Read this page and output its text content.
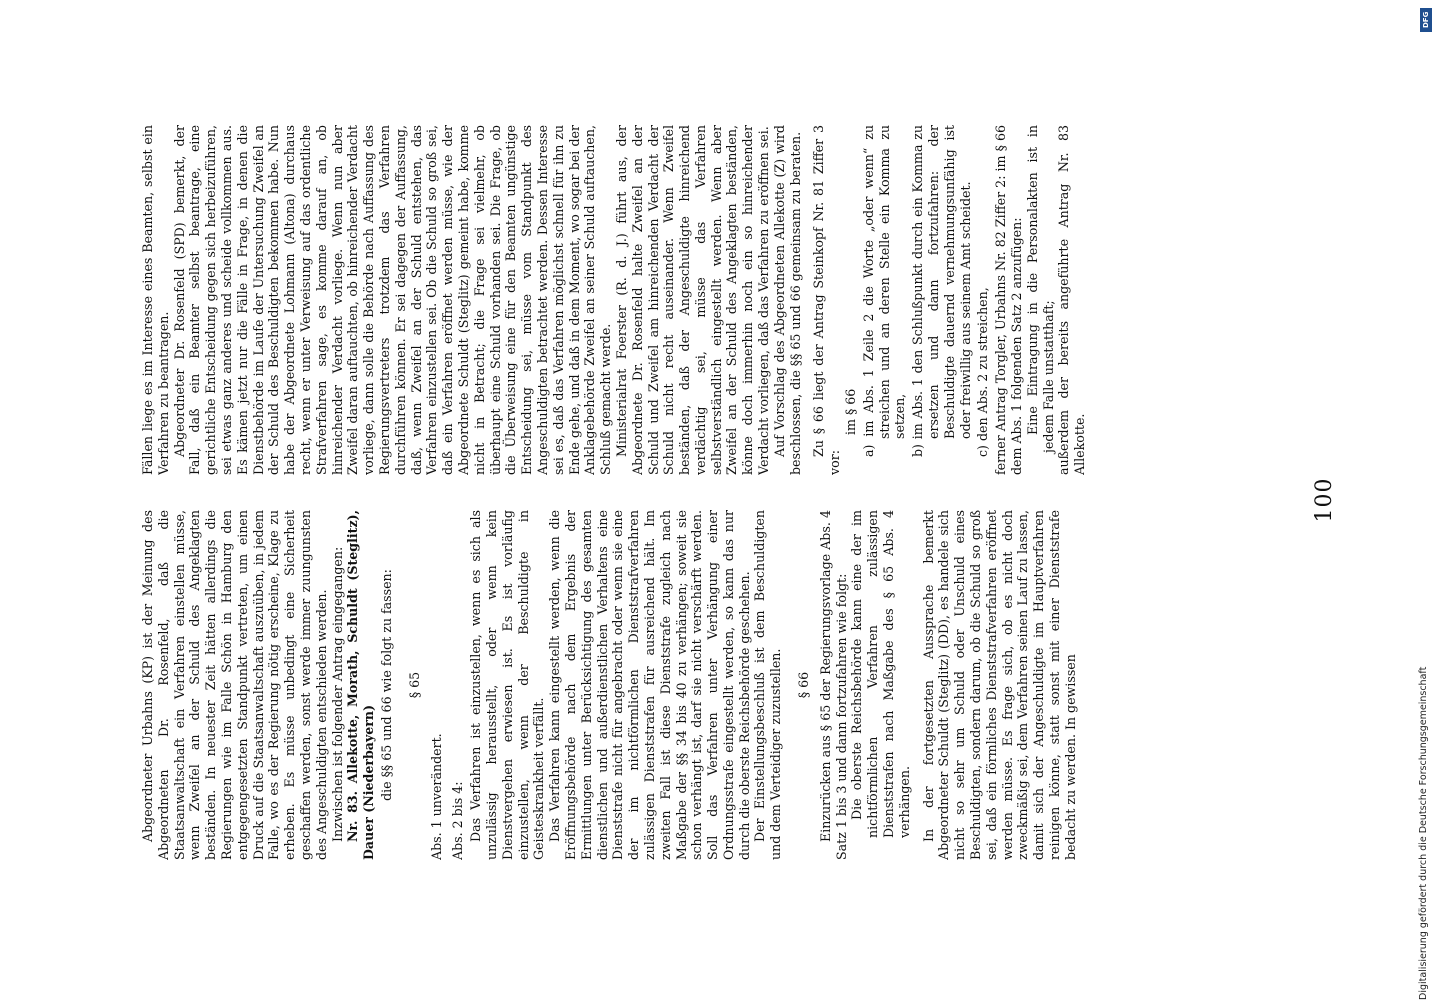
100

Abgeordneter Urbahns (KP) ist der Meinung des Abgeordneten Dr. Rosenfeld, daß die Staatsanwaltschaft ein Verfahren einstellen müsse, wenn Zweifel an der Schuld des Angeklagten beständen. In neuester Zeit hätten allerdings die Regierungen wie im Falle Schön in Hamburg den entgegengesetzten Standpunkt vertreten, um einen Druck auf die Staatsanwaltschaft auszuüben, in jedem Falle, wo es der Regierung nötig erscheine, Klage zu erheben. Es müsse unbedingt eine Sicherheit geschaffen werden, sonst werde immer zuungunsten des Angeschuldigten entschieden werden. Inzwischen ist folgender Antrag eingegangen: Nr. 83. Allekotte, Morath, Schuldt (Steglitz), Dauer (Niederbayern) die §§ 65 und 66 wie folgt zu fassen: § 65

Abs. 1 unverändert. Abs. 2 bis 4: Das Verfahren ist einzustellen, wenn es sich als unzulässig herausstellt, oder wenn kein Dienstvergehen erwiesen ist. Es ist vorläufig einzustellen, wenn der Beschuldigte in Geisteskrankheit verfällt. Das Verfahren kann eingestellt werden, wenn die Eröffnungsbehörde nach dem Ergebnis der Ermittlungen unter Berücksichtigung des gesamten dienstlichen und außerdienstlichen Verhaltens eine Dienststrafe nicht für angebracht oder wenn sie eine der im nichtförmlichen Dienststrafverfahren zulässigen Dienststrafen für ausreichend hält. Im zweiten Fall ist diese Dienststrafe zugleich nach Maßgabe der §§ 34 bis 40 zu verhängen; soweit sie schon verhängt ist, darf sie nicht verschärft werden. Soll das Verfahren unter Verhängung einer Ordnungsstrafe eingestellt werden, so kann das nur durch die oberste Reichsbehörde geschehen. Der Einstellungsbeschluß ist dem Beschuldigten und dem Verteidiger zuzustellen. § 66 Einzurücken aus § 65 der Regierungsvorlage Abs. 4 Satz 1 bis 3 und dann fortzufahren wie folgt: Die oberste Reichsbehörde kann eine der im nichtförmlichen Verfahren zulässigen Dienststrafen nach Maßgabe des § 65 Abs. 4 verhängen. In der fortgesetzten Aussprache bemerkt Abgeordneter Schuldt (Steglitz) (DD), es handele sich nicht so sehr um Schuld oder Unschuld eines Beschuldigten, sondern darum, ob die Schuld so groß sei, daß ein förmliches Dienststrafverfahren eröffnet werden müsse. Es frage sich, ob es nicht doch zweckmäßig sei, dem Verfahren seinen Lauf zu lassen, damit sich der Angeschuldigte im Hauptverfahren reinigen könne, statt sonst mit einer Dienststrafe bedacht zu werden. In gewissen

Fällen liege es im Interesse eines Beamten, selbst ein Verfahren zu beantragen. Abgeordneter Dr. Rosenfeld (SPD) bemerkt, der Fall, daß ein Beamter selbst beantrage, eine gerichtliche Entscheidung gegen sich herbeizuführen, sei etwas ganz anderes und scheide vollkommen aus. Es kämen jetzt nur die Fälle in Frage, in denen die Dienstbehörde im Laufe der Untersuchung Zweifel an der Schuld des Beschuldigten bekommen habe. Nun habe der Abgeordnete Lohmann (Altona) durchaus recht, wenn er unter Verweisung auf das ordentliche Strafverfahren sage, es komme darauf an, ob hinreichender Verdacht vorliege. Wenn nun aber Zweifel daran auftauchten, ob hinreichender Verdacht vorliege, dann solle die Behörde nach Auffassung des Regierungsvertreters trotzdem das Verfahren durchführen können. Er sei dagegen der Auffassung, daß, wenn Zweifel an der Schuld entstehen, das Verfahren einzustellen sei. Ob die Schuld so groß sei, daß ein Verfahren eröffnet werden müsse, wie der Abgeordnete Schuldt (Steglitz) gemeint habe, komme nicht in Betracht; die Frage sei vielmehr, ob überhaupt eine Schuld vorhanden sei. Die Frage, ob die Überweisung eine für den Beamten ungünstige Entscheidung sei, müsse vom Standpunkt des Angeschuldigten betrachtet werden. Dessen Interesse sei es, daß das Verfahren möglichst schnell für ihn zu Ende gehe, und daß in dem Moment, wo sogar bei der Anklagebehörde Zweifel an seiner Schuld auftauchen, Schluß gemacht werde. Ministerialrat Foerster (R. d. J.) führt aus, der Abgeordnete Dr. Rosenfeld halte Zweifel an der Schuld und Zweifel am hinreichenden Verdacht der Schuld nicht recht auseinander. Wenn Zweifel beständen, daß der Angeschuldigte hinreichend verdächtig sei, müsse das Verfahren selbstverständlich eingestellt werden. Wenn aber Zweifel an der Schuld des Angeklagten beständen, könne doch immerhin noch ein so hinreichender Verdacht vorliegen, daß das Verfahren zu eröffnen sei. Auf Vorschlag des Abgeordneten Allekotte (Z) wird beschlossen, die §§ 65 und 66 gemeinsam zu beraten. Zu § 66 liegt der Antrag Steinkopf Nr. 81 Ziffer 3 vor:

im § 66 a) im Abs. 1 Zeile 2 die Worte „oder wenn“ zu streichen und an deren Stelle ein Komma zu setzen, b) im Abs. 1 den Schlußpunkt durch ein Komma zu ersetzen und dann fortzufahren: der Beschuldigte dauernd vernehmungsunfähig ist oder freiwillig aus seinem Amt scheidet. c) den Abs. 2 zu streichen, ferner Antrag Torgler, Urbahns Nr. 82 Ziffer 2: im § 66 dem Abs. 1 folgenden Satz 2 anzufügen: Eine Eintragung in die Personalakten ist in jedem Falle unstatthaft; außerdem der bereits angeführte Antrag Nr. 83 Allekotte.

DFG
Digitalisierung gefördert durch die Deutsche Forschungsgemeinschaft
